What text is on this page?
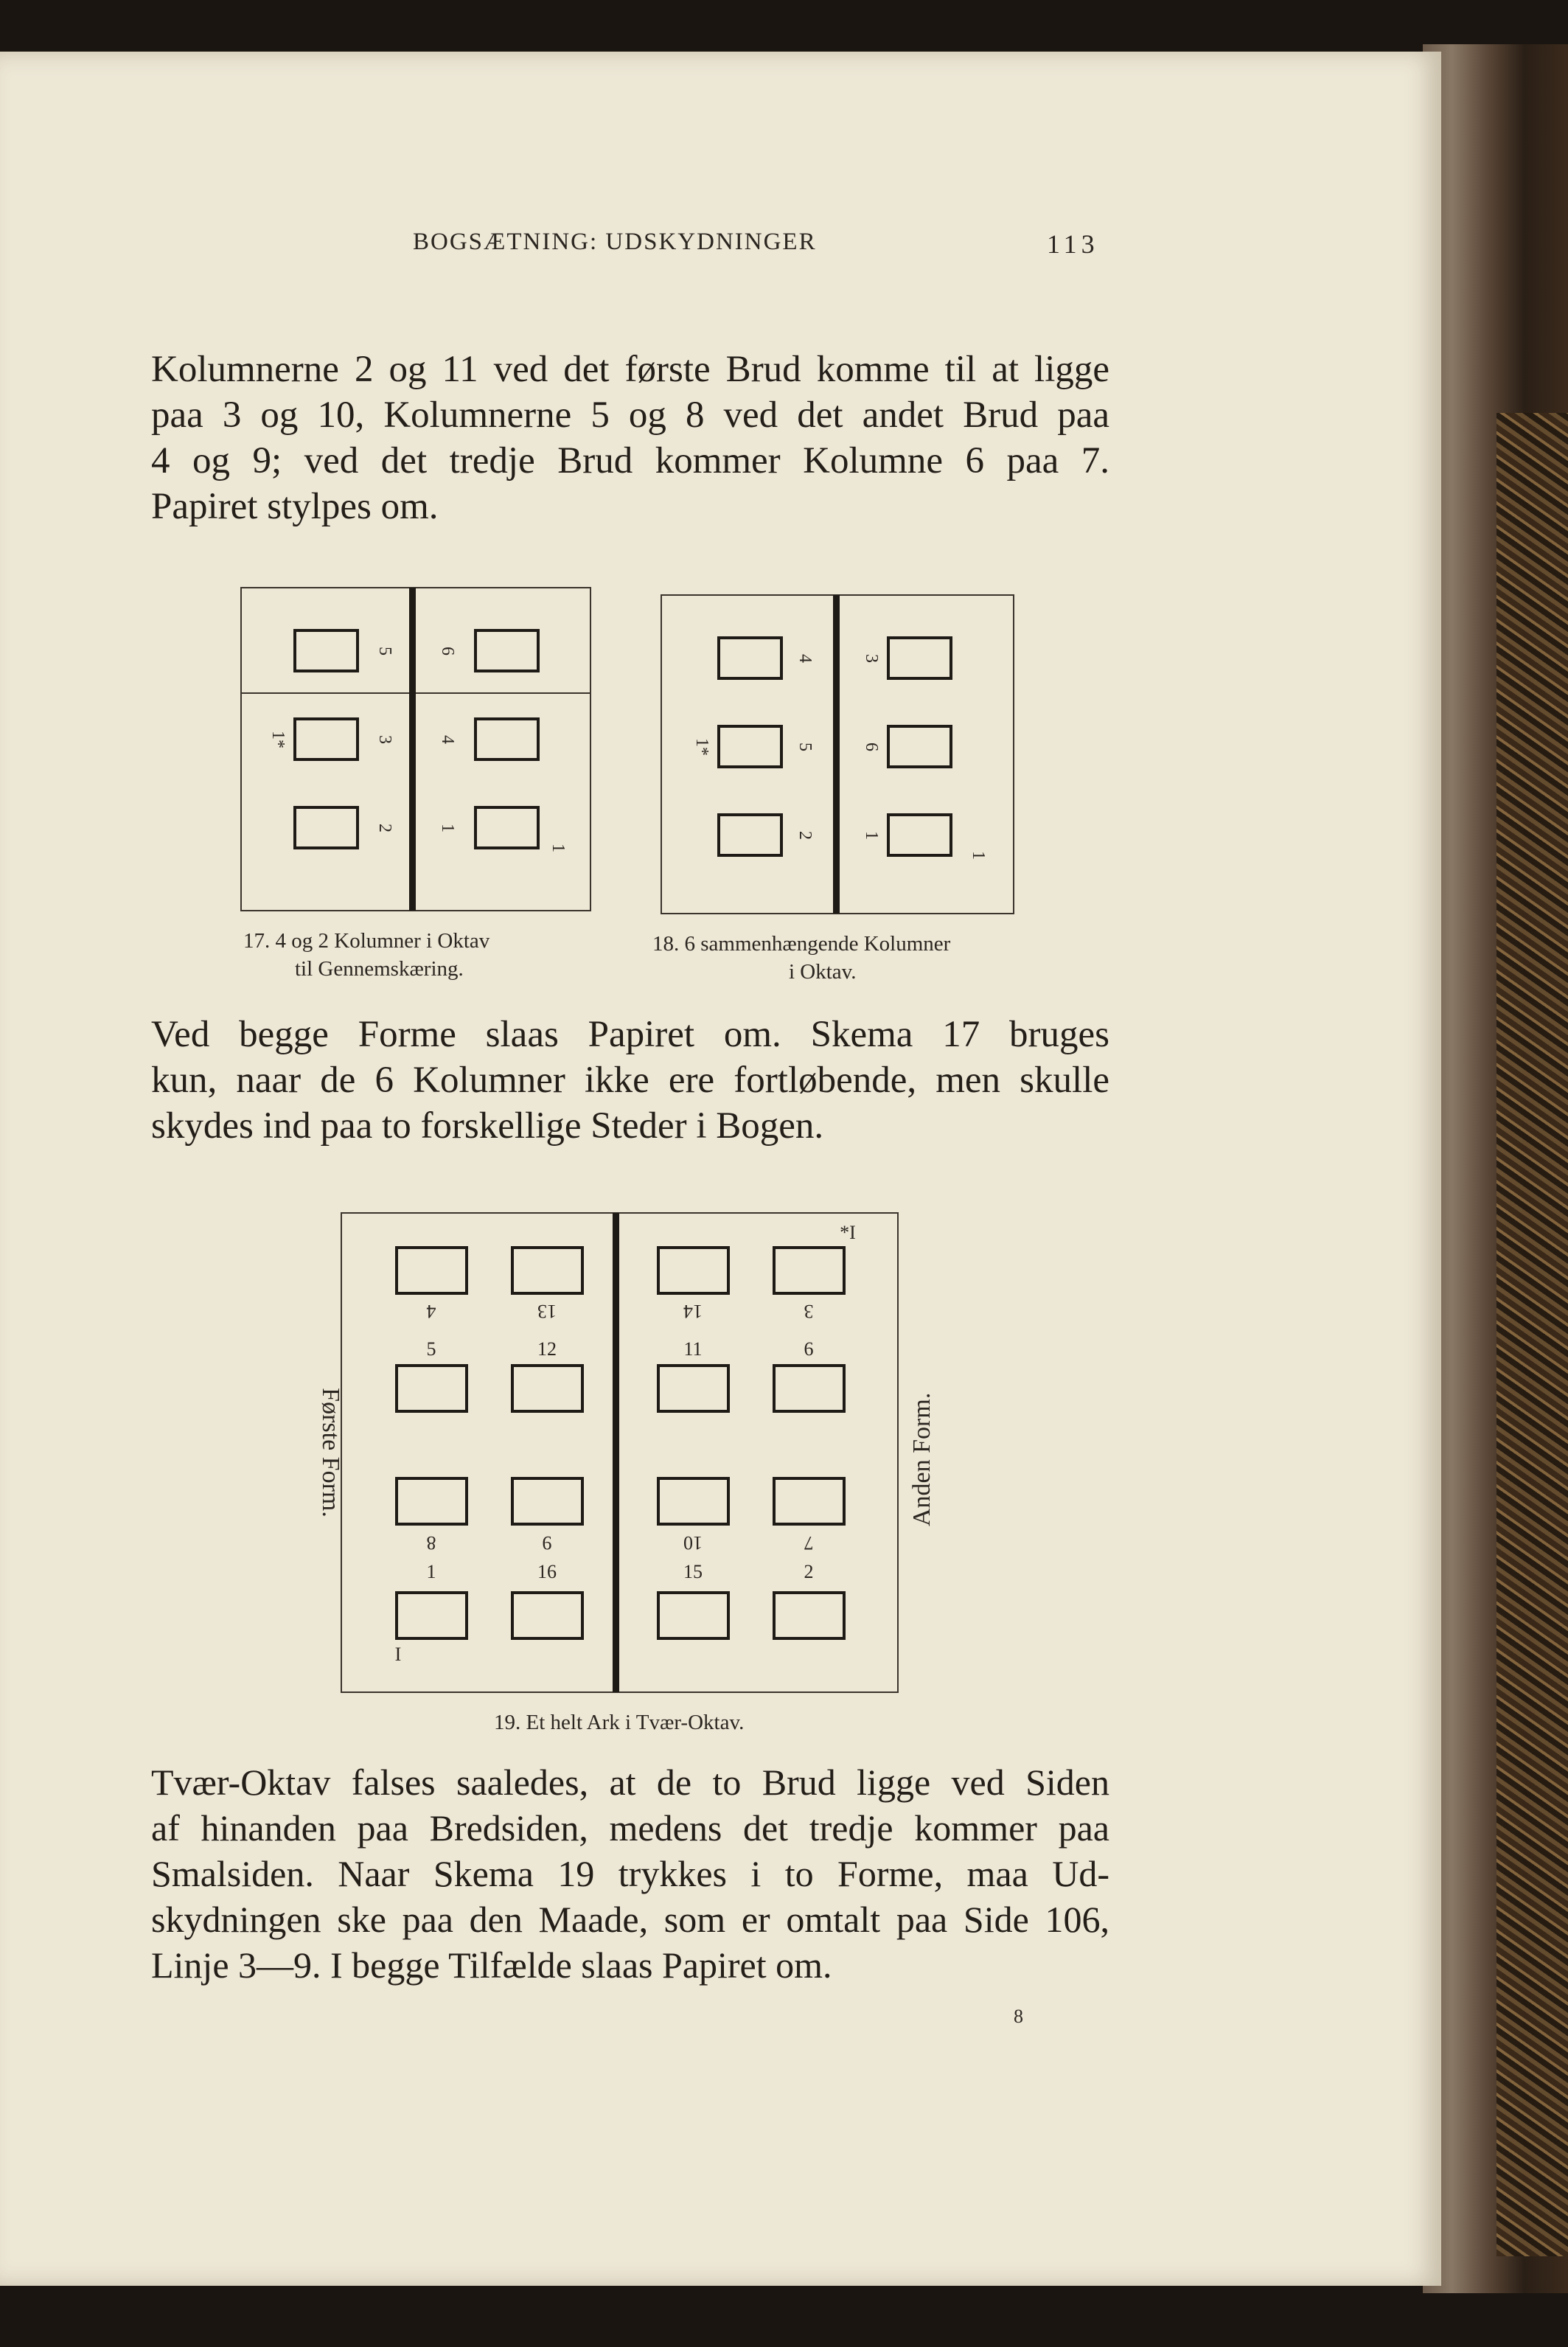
BOGSÆTNING: UDSKYDNINGER	113
Kolumnerne 2 og 11 ved det første Brud komme til at ligge
paa 3 og 10, Kolumnerne 5 og 8 ved det andet Brud paa
4 og 9; ved det tredje Brud kommer Kolumne 6 paa 7.
Papiret stylpes om.
5 6
1*	3 4
2 1
1
17. 4 og 2 Kolumner i Oktav
til Gennemskæring.
4	3
1*	5	6
2	1
1
18. 6 sammenhængende Kolumner
i Oktav.
Ved begge Forme slaas Papiret om. Skema 17 bruges
kun, naar de 6 Kolumner ikke ere fortløbende, men skulle
skydes ind paa to forskellige Steder i Bogen.
Første Form.
*I
4	13	14	3
5	12	11	6
8	9	10	7
1	16	15	2
I
Anden Form.
19. Et helt Ark i Tvær-Oktav.
Tvær-Oktav falses saaledes, at de to Brud ligge ved Siden
af hinanden paa Bredsiden, medens det tredje kommer paa
Smalsiden. Naar Skema 19 trykkes i to Forme, maa Ud-
skydningen ske paa den Maade, som er omtalt paa Side 106,
Linje 3—9. I begge Tilfælde slaas Papiret om.
8
